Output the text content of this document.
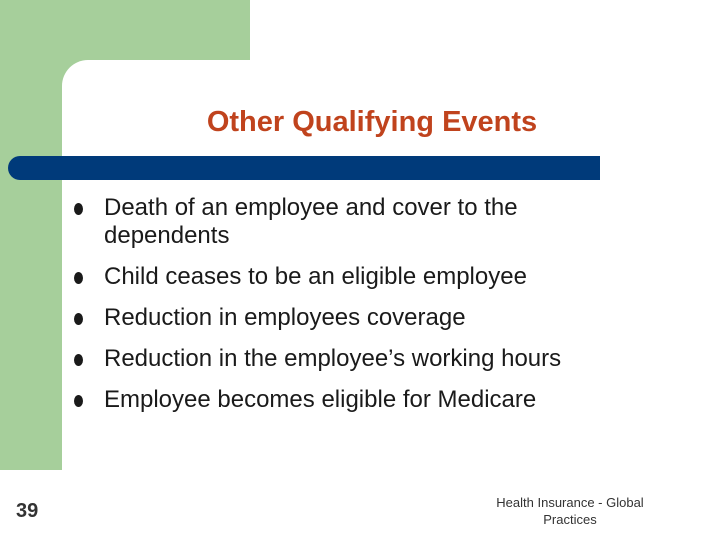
Other Qualifying Events
Death of an employee and cover to the dependents
Child ceases to be an eligible employee
Reduction in employees coverage
Reduction in the employee’s working hours
Employee becomes eligible for Medicare
39	Health Insurance - Global Practices
